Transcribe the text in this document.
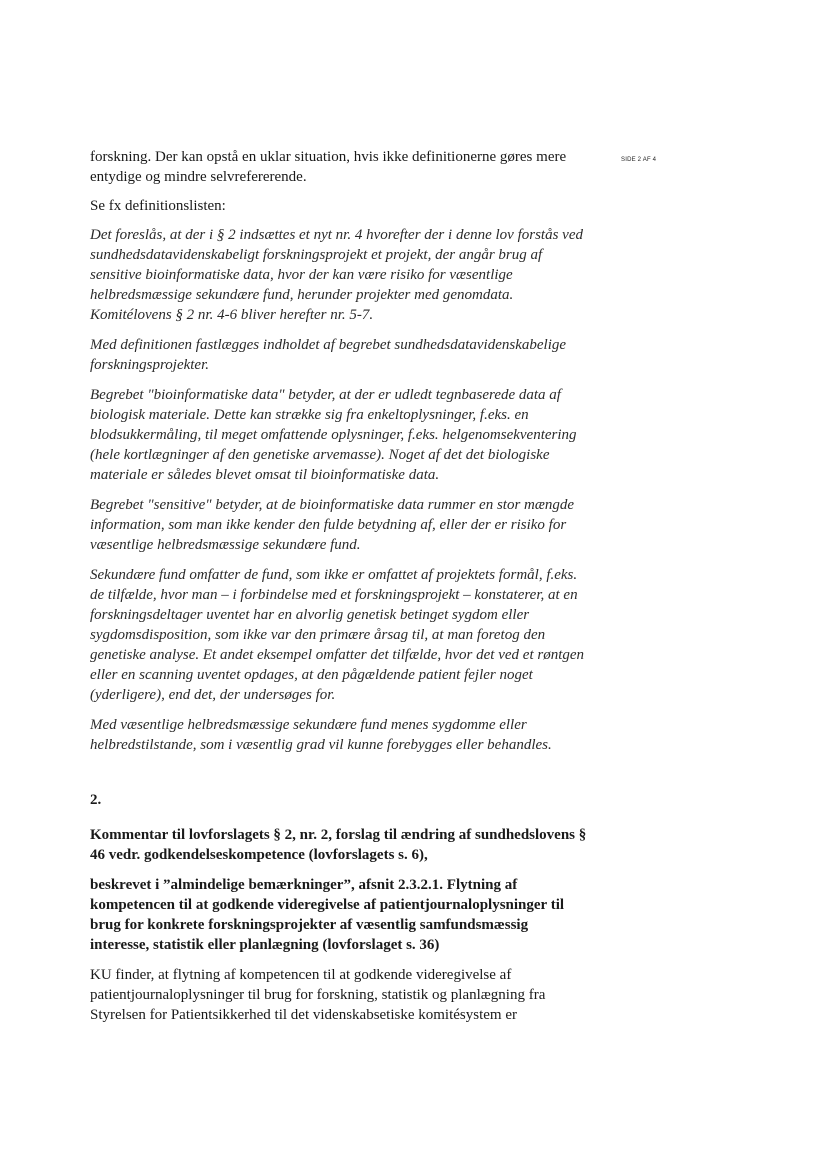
SIDE 2 AF 4

forskning. Der kan opstå en uklar situation, hvis ikke definitionerne gøres mere entydige og mindre selvrefererende.

Se fx definitionslisten:

Det foreslås, at der i § 2 indsættes et nyt nr. 4 hvorefter der i denne lov forstås ved sundhedsdatavidenskabeligt forskningsprojekt et projekt, der angår brug af sensitive bioinformatiske data, hvor der kan være risiko for væsentlige helbredsmæssige sekundære fund, herunder projekter med genomdata. Komitélovens § 2 nr. 4-6 bliver herefter nr. 5-7.

Med definitionen fastlægges indholdet af begrebet sundhedsdatavidenskabelige forskningsprojekter.

Begrebet "bioinformatiske data" betyder, at der er udledt tegnbaserede data af biologisk materiale. Dette kan strække sig fra enkeltoplysninger, f.eks. en blodsukkermåling, til meget omfattende oplysninger, f.eks. helgenomsekventering (hele kortlægninger af den genetiske arvemasse). Noget af det det biologiske materiale er således blevet omsat til bioinformatiske data.

Begrebet "sensitive" betyder, at de bioinformatiske data rummer en stor mængde information, som man ikke kender den fulde betydning af, eller der er risiko for væsentlige helbredsmæssige sekundære fund.

Sekundære fund omfatter de fund, som ikke er omfattet af projektets formål, f.eks. de tilfælde, hvor man – i forbindelse med et forskningsprojekt – konstaterer, at en forskningsdeltager uventet har en alvorlig genetisk betinget sygdom eller sygdomsdisposition, som ikke var den primære årsag til, at man foretog den genetiske analyse. Et andet eksempel omfatter det tilfælde, hvor det ved et røntgen eller en scanning uventet opdages, at den pågældende patient fejler noget (yderligere), end det, der undersøges for.

Med væsentlige helbredsmæssige sekundære fund menes sygdomme eller helbredstilstande, som i væsentlig grad vil kunne forebygges eller behandles.

2.

Kommentar til lovforslagets § 2, nr. 2, forslag til ændring af sundhedslovens § 46 vedr. godkendelseskompetence (lovforslagets s. 6),

beskrevet i ”almindelige bemærkninger”, afsnit 2.3.2.1. Flytning af kompetencen til at godkende videregivelse af patientjournaloplysninger til brug for konkrete forskningsprojekter af væsentlig samfundsmæssig interesse, statistik eller planlægning (lovforslaget s. 36)

KU finder, at flytning af kompetencen til at godkende videregivelse af patientjournaloplysninger til brug for forskning, statistik og planlægning fra Styrelsen for Patientsikkerhed til det videnskabsetiske komitésystem er
